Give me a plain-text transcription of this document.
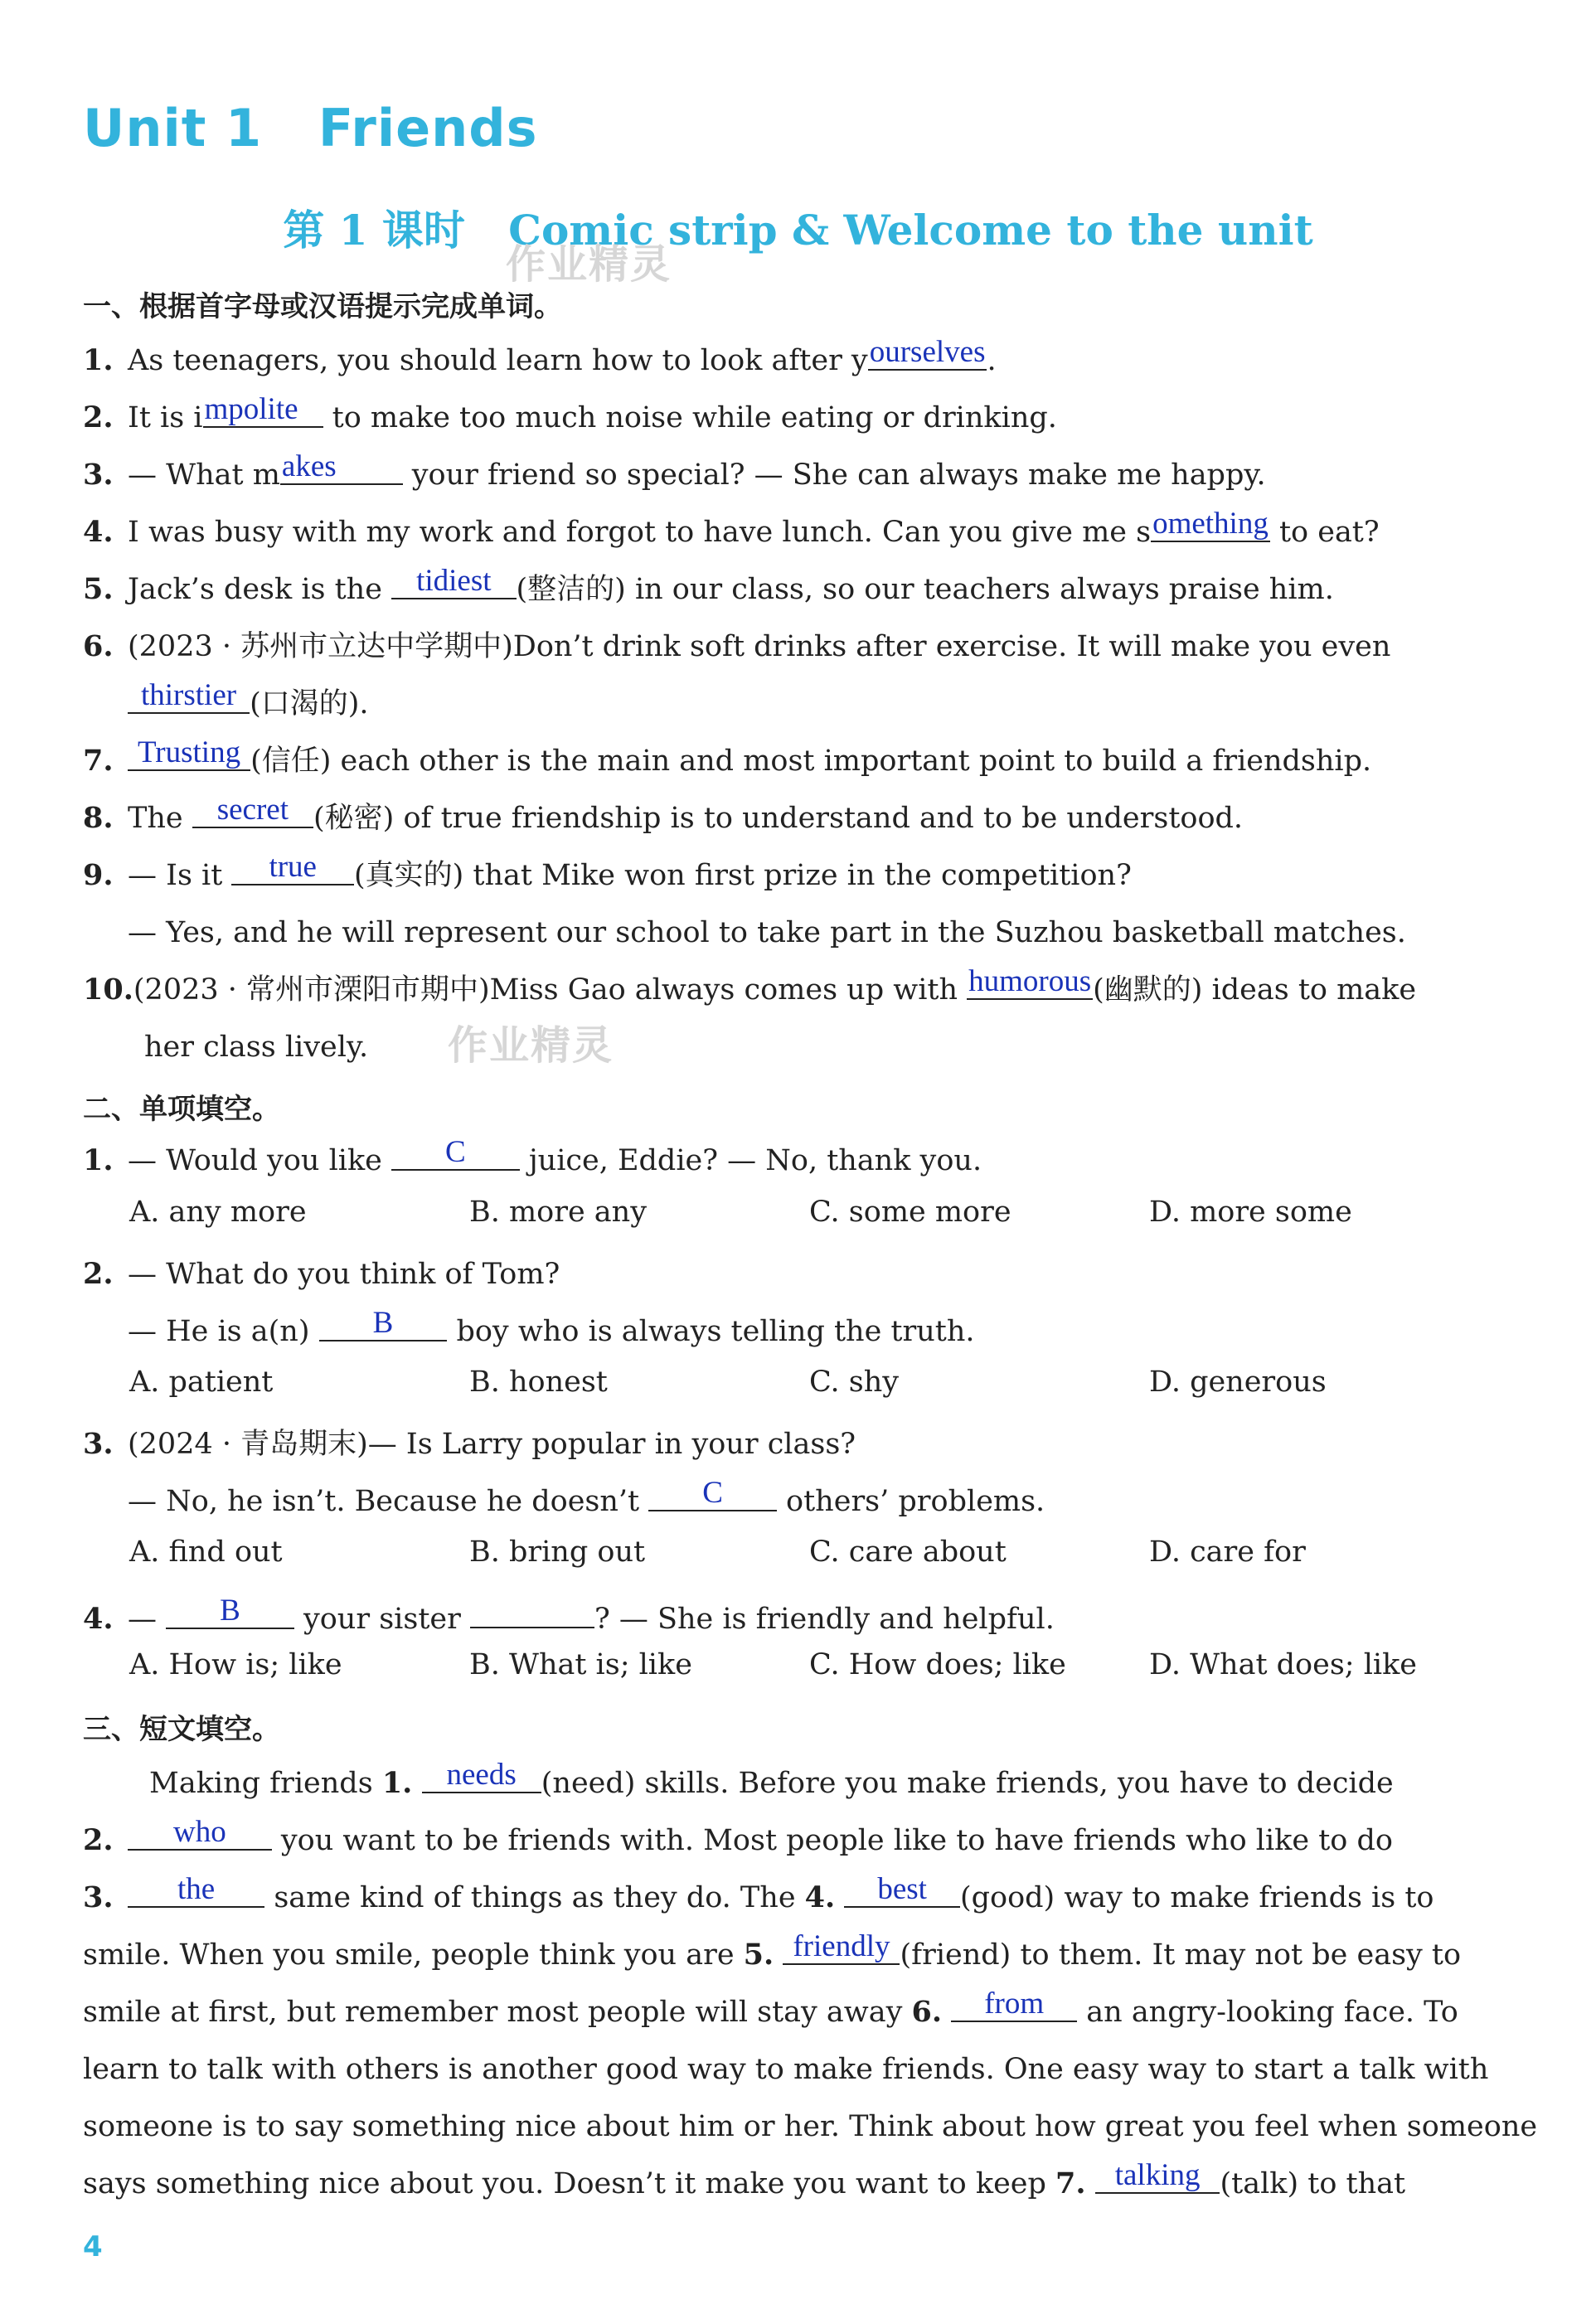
Unit 1   Friends
第 1 课时   Comic strip & Welcome to the unit
作业精灵
作业精灵
一、根据首字母或汉语提示完成单词。
1. As teenagers, you should learn how to look after yourselves.
2. It is impolite to make too much noise while eating or drinking.
3. — What makes your friend so special? — She can always make me happy.
4. I was busy with my work and forgot to have lunch. Can you give me something to eat?
5. Jack’s desk is the tidiest (整洁的) in our class, so our teachers always praise him.
6. (2023 · 苏州市立达中学期中)Don’t drink soft drinks after exercise. It will make you even
thirstier (口渴的).
7. Trusting (信任) each other is the main and most important point to build a friendship.
8. The secret (秘密) of true friendship is to understand and to be understood.
9. — Is it true (真实的) that Mike won first prize in the competition?
— Yes, and he will represent our school to take part in the Suzhou basketball matches.
10.(2023 · 常州市溧阳市期中)Miss Gao always comes up with humorous(幽默的) ideas to make
her class lively.
二、单项填空。
1. — Would you like C juice, Eddie? — No, thank you.
A. any more	B. more any	C. some more	D. more some
2. — What do you think of Tom?
— He is a(n) B boy who is always telling the truth.
A. patient	B. honest	C. shy	D. generous
3. (2024 · 青岛期末)— Is Larry popular in your class?
— No, he isn’t. Because he doesn’t C others’ problems.
A. find out	B. bring out	C. care about	D. care for
4. — B your sister	? — She is friendly and helpful.
A. How is; like	B. What is; like	C. How does; like	D. What does; like
三、短文填空。
Making friends 1. needs (need) skills. Before you make friends, you have to decide
2. who you want to be friends with. Most people like to have friends who like to do
3. the same kind of things as they do. The 4. best (good) way to make friends is to
smile. When you smile, people think you are 5. friendly (friend) to them. It may not be easy to
smile at first, but remember most people will stay away 6. from an angry-looking face. To
learn to talk with others is another good way to make friends. One easy way to start a talk with
someone is to say something nice about him or her. Think about how great you feel when someone
says something nice about you. Doesn’t it make you want to keep 7. talking (talk) to that
4
